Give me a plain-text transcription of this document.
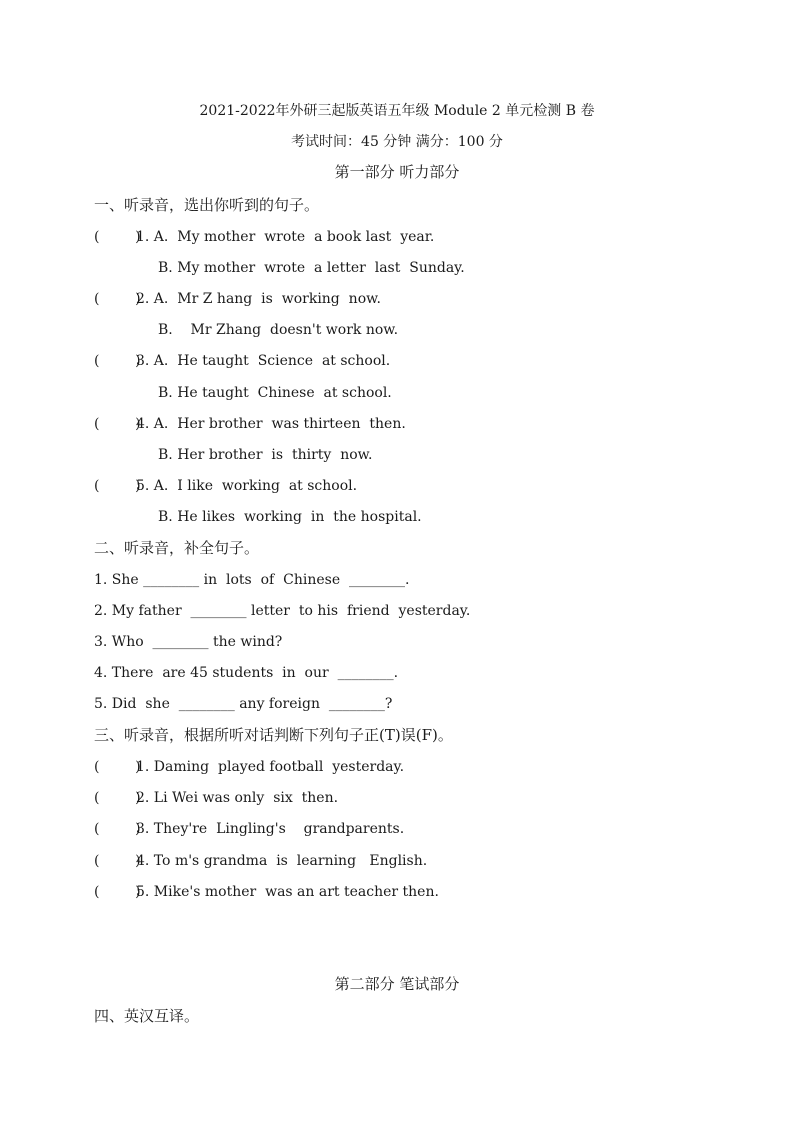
2021-2022年外研三起版英语五年级 Module 2 单元检测 B 卷
考试时间：45 分钟 满分：100 分
第一部分 听力部分
一、听录音，选出你听到的句子。
(        )1. A.  My mother  wrote  a book last  year.
B. My mother  wrote  a letter  last  Sunday.
(        )2. A.  Mr Z hang  is  working  now.
B.    Mr Zhang  doesn't work now.
(        )3. A.  He taught  Science  at school.
B. He taught  Chinese  at school.
(        )4. A.  Her brother  was thirteen  then.
B. Her brother  is  thirty  now.
(        )5. A.  I like  working  at school.
B. He likes  working  in  the hospital.
二、听录音，补全句子。
1. She ________ in  lots  of  Chinese  ________.
2. My father  ________ letter  to his  friend  yesterday.
3. Who  ________ the wind?
4. There  are 45 students  in  our  ________.
5. Did  she  ________ any foreign  ________?
三、听录音，根据所听对话判断下列句子正(T)误(F)。
(        )1. Daming  played football  yesterday.
(        )2. Li Wei was only  six  then.
(        )3. They're  Lingling's    grandparents.
(        )4. To m's grandma  is  learning   English.
(        )5. Mike's mother  was an art teacher then.
第二部分 笔试部分
四、英汉互译。
